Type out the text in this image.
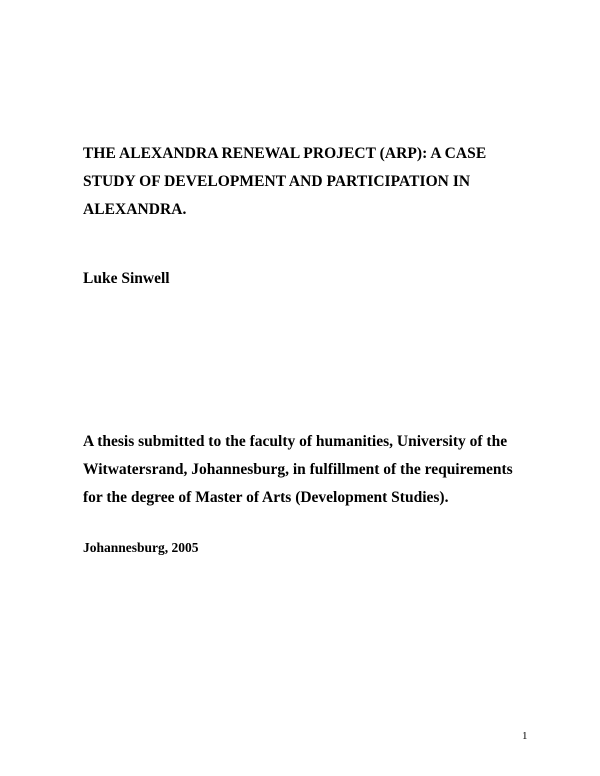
THE ALEXANDRA RENEWAL PROJECT (ARP): A CASE
STUDY OF DEVELOPMENT AND PARTICIPATION IN
ALEXANDRA.
Luke Sinwell
A thesis submitted to the faculty of humanities, University of the
Witwatersrand, Johannesburg, in fulfillment of the requirements
for the degree of Master of Arts (Development Studies).
Johannesburg, 2005
1
